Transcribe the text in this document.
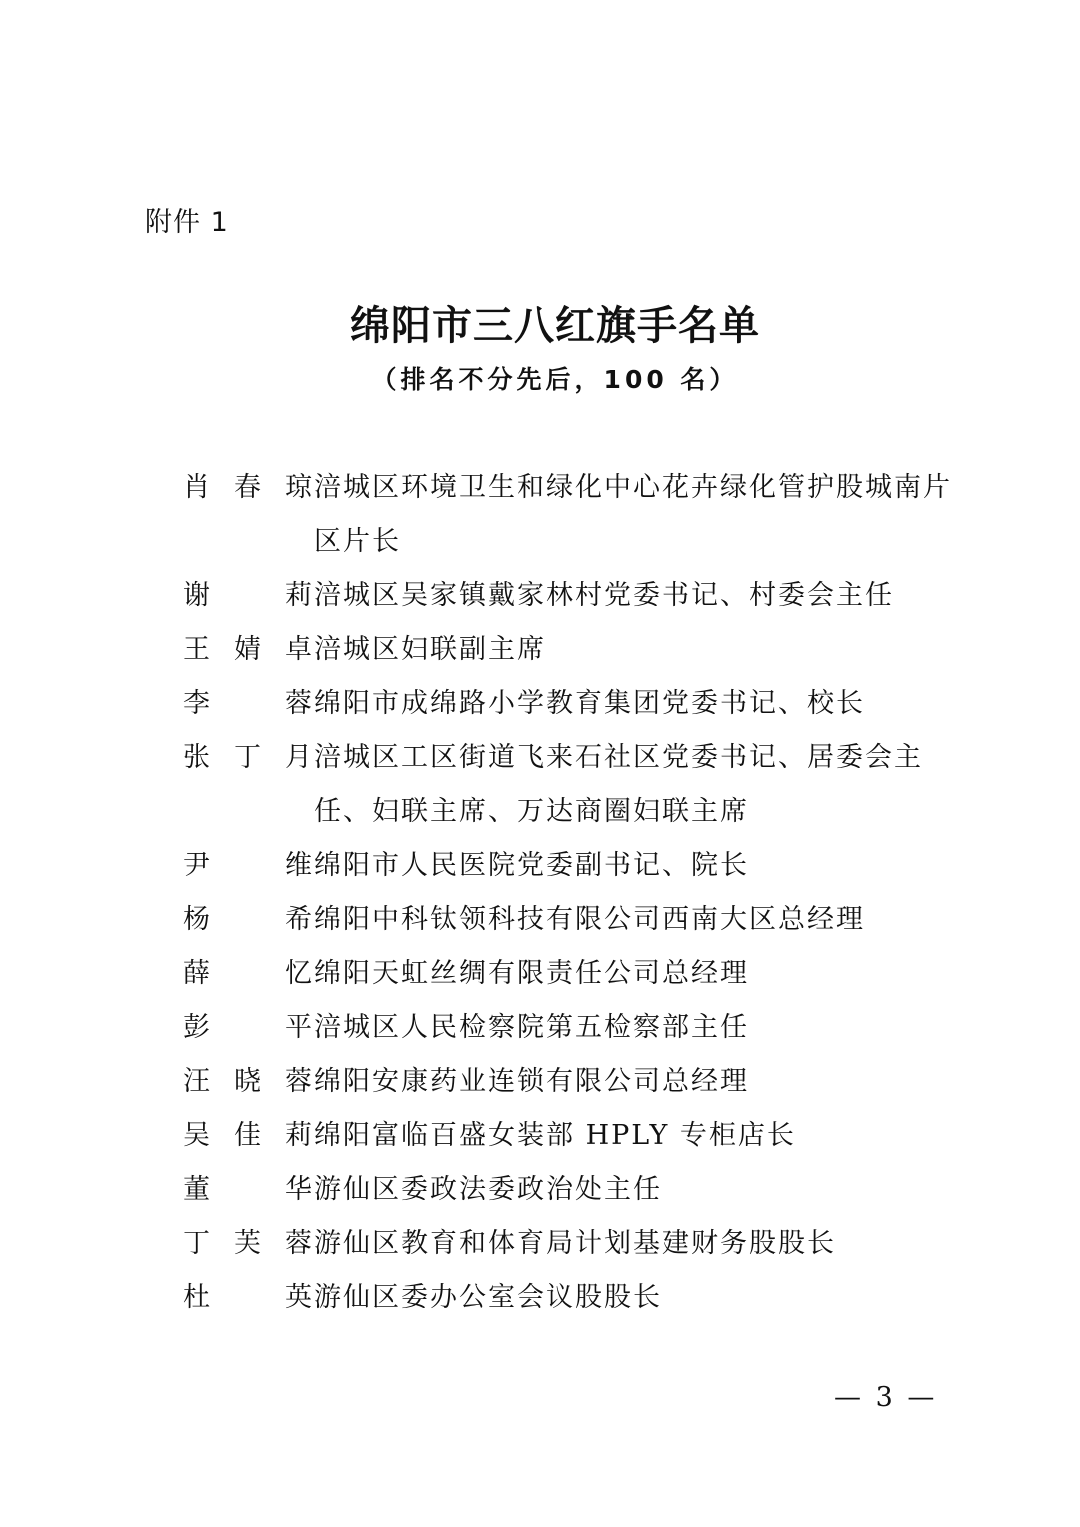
附件 1
绵阳市三八红旗手名单
（排名不分先后，100 名）
肖春琼 涪城区环境卫生和绿化中心花卉绿化管护股城南片区片长
谢莉 涪城区吴家镇戴家林村党委书记、村委会主任
王婧卓 涪城区妇联副主席
李蓉 绵阳市成绵路小学教育集团党委书记、校长
张丁月 涪城区工区街道飞来石社区党委书记、居委会主任、妇联主席、万达商圈妇联主席
尹维 绵阳市人民医院党委副书记、院长
杨希 绵阳中科钛领科技有限公司西南大区总经理
薛忆 绵阳天虹丝绸有限责任公司总经理
彭平 涪城区人民检察院第五检察部主任
汪晓蓉 绵阳安康药业连锁有限公司总经理
吴佳莉 绵阳富临百盛女装部 HPLY 专柜店长
董华 游仙区委政法委政治处主任
丁芙蓉 游仙区教育和体育局计划基建财务股股长
杜英 游仙区委办公室会议股股长
— 3 —
